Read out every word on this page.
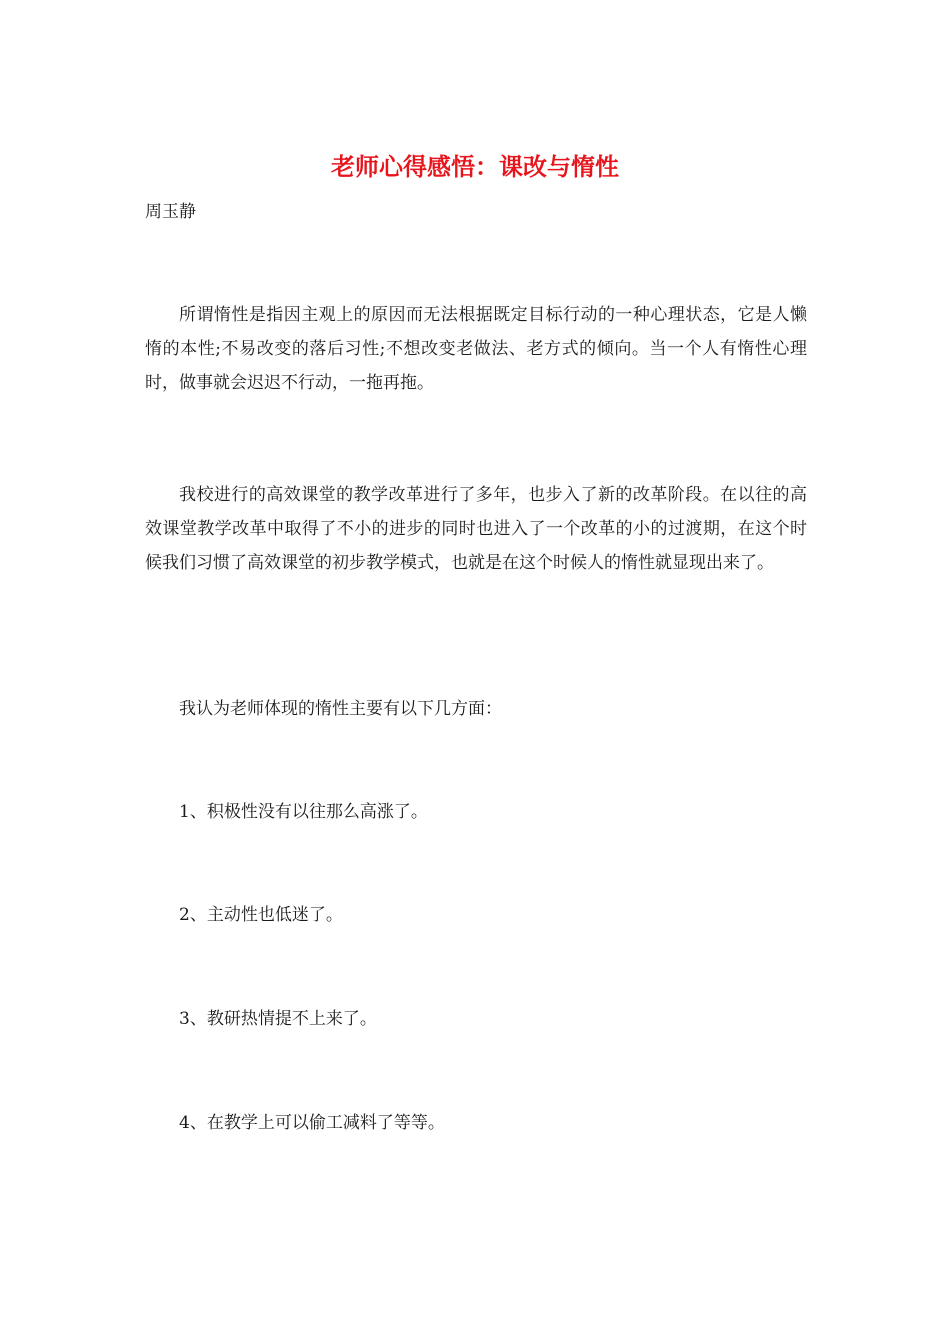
老师心得感悟：课改与惰性
周玉静

所谓惰性是指因主观上的原因而无法根据既定目标行动的一种心理状态，它是人懒惰的本性;不易改变的落后习性;不想改变老做法、老方式的倾向。当一个人有惰性心理时，做事就会迟迟不行动，一拖再拖。

我校进行的高效课堂的教学改革进行了多年，也步入了新的改革阶段。在以往的高效课堂教学改革中取得了不小的进步的同时也进入了一个改革的小的过渡期，在这个时候我们习惯了高效课堂的初步教学模式，也就是在这个时候人的惰性就显现出来了。

我认为老师体现的惰性主要有以下几方面：

1、积极性没有以往那么高涨了。

2、主动性也低迷了。

3、教研热情提不上来了。

4、在教学上可以偷工减料了等等。
